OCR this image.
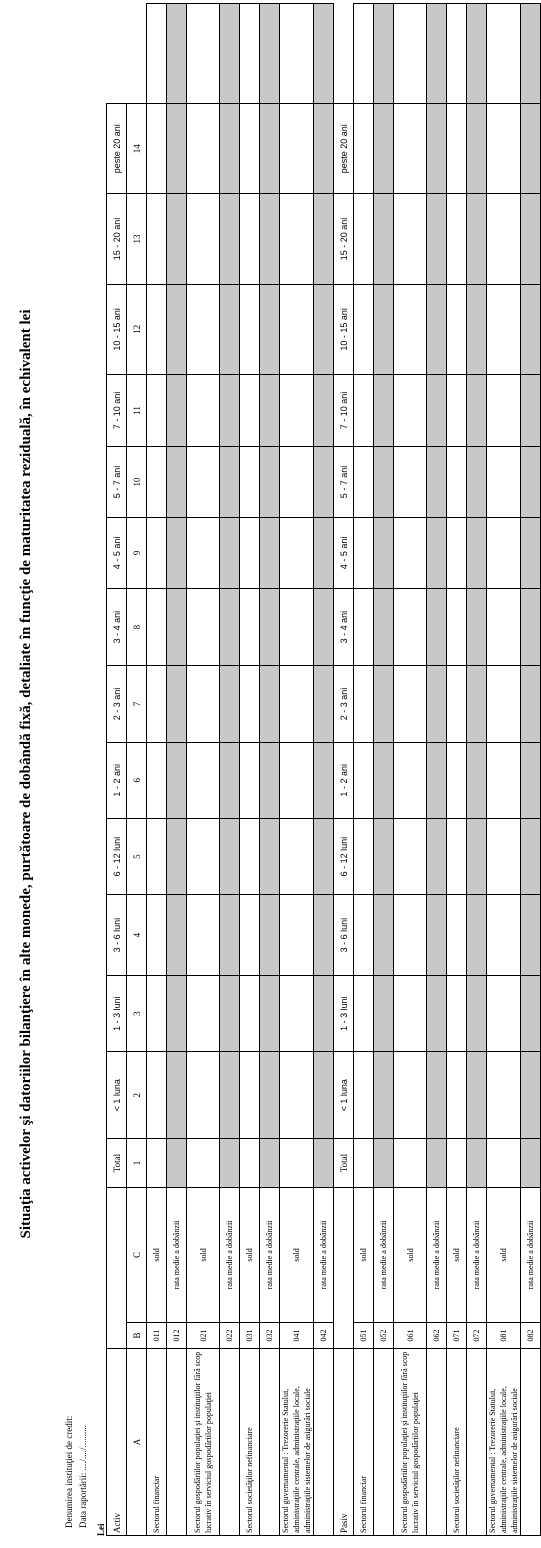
Situaţia activelor şi datoriilor bilanţiere în alte monede, purtătoare de dobândă fixă, detaliate în funcţie de maturitatea reziduală, în echivalent lei
Denumirea instituţiei de credit: Data raportării: ..../..../..........
Lei Activ			Total	< 1 luna	1 - 3 luni	3 - 6 luni	6 - 12 luni	1 - 2 ani	2 - 3 ani	3 - 4 ani	4 - 5 ani	5 - 7 ani	7 - 10 ani	10 - 15 ani	15 - 20 ani	peste 20 ani	
A	B	C	1	2	3	4	5	6	7	8	9	10	11	12	13	14	
Sectorul financiar	011	sold															
	012	rata medie a dobânzii															
Sectorul gospodăriilor populaţiei şi instituţiilor fără scop lucrativ în serviciul gospodăriilor populaţiei	021	sold															
	022	rata medie a dobânzii															
Sectorul societăţilor nefinanciare	031	sold															
	032	rata medie a dobânzii															
Sectorul guvernamental : Trezorerie Statului, administraţiile centrale, administraţiile locale, administraţiile sistemelor de asigurări sociale	041	sold															
	042	rata medie a dobânzii															
Pasiv			Total	< 1 luna	1 - 3 luni	3 - 6 luni	6 - 12 luni	1 - 2 ani	2 - 3 ani	3 - 4 ani	4 - 5 ani	5 - 7 ani	7 - 10 ani	10 - 15 ani	15 - 20 ani	peste 20 ani	
Sectorul financiar	051	sold															
	052	rata medie a dobânzii															
Sectorul gospodăriilor populaţiei şi instituţiilor fără scop lucrativ în serviciul gospodăriilor populaţiei	061	sold															
	062	rata medie a dobânzii															
Sectorul societăţilor nefinanciare	071	sold															
	072	rata medie a dobânzii															
Sectorul guvernamental : Trezorerie Statului, administraţiile centrale, administraţiile locale, administraţiile sistemelor de asigurări sociale	081	sold															
	082	rata medie a dobânzii															
